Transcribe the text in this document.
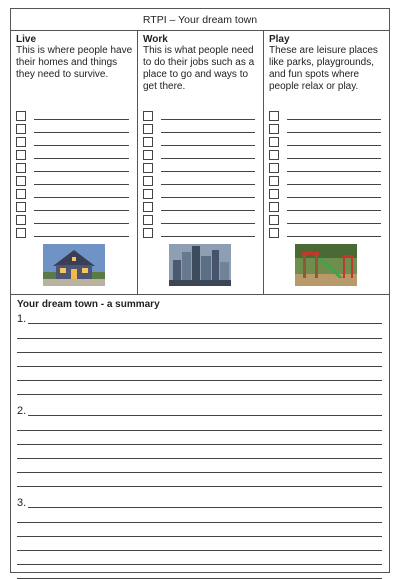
RTPI – Your dream town
Live
This is where people have their homes and things they need to survive.
Work
This is what people need to do their jobs such as a place to go and ways to get there.
Play
These are leisure places like parks, playgrounds, and fun spots where people relax or play.
Your dream town - a summary
1.
2.
3.
